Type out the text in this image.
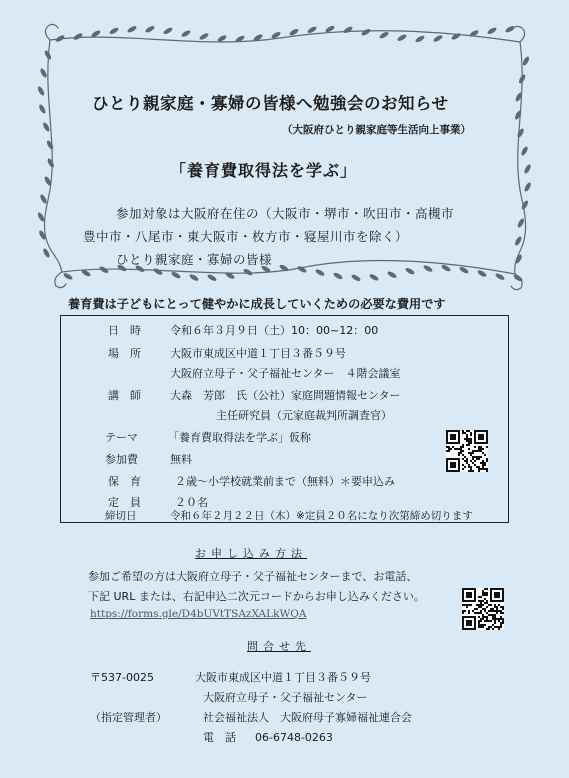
ひとり親家庭・寡婦の皆様へ勉強会のお知らせ
（大阪府ひとり親家庭等生活向上事業）
「養育費取得法を学ぶ」
参加対象は大阪府在住の（大阪市・堺市・吹田市・高槻市

豊中市・八尾市・東大阪市・枚方市・寝屋川市を除く）
ひとり親家庭・寡婦の皆様
養育費は子どもにとって健やかに成長していくための必要な費用です
日　時	令和６年３月９日（土）10：00~12：00
場　所	大阪市東成区中道１丁目３番５９号
大阪府立母子・父子福祉センター　４階会議室
講　師	大森　芳郎　氏（公社）家庭問題情報センター
主任研究員（元家庭裁判所調査官）
テーマ	「養育費取得法を学ぶ」仮称
参加費	無料
保　育	２歳～小学校就業前まで（無料）＊要申込み
定　員	２０名
締切日	令和６年２月２２日（木）※定員２０名になり次第締め切ります
お申し込み方法
参加ご希望の方は大阪府立母子・父子福祉センターまで、お電話、
下記 URL または、右記申込二次元コードからお申し込みください。
https://forms.gle/D4bUVtTSAzXALkWQA
問合せ先
〒537-0025	大阪市東成区中道１丁目３番５９号
大阪府立母子・父子福祉センター
（指定管理者）	社会福祉法人　大阪府母子寡婦福祉連合会
電　話 06-6748-0263
